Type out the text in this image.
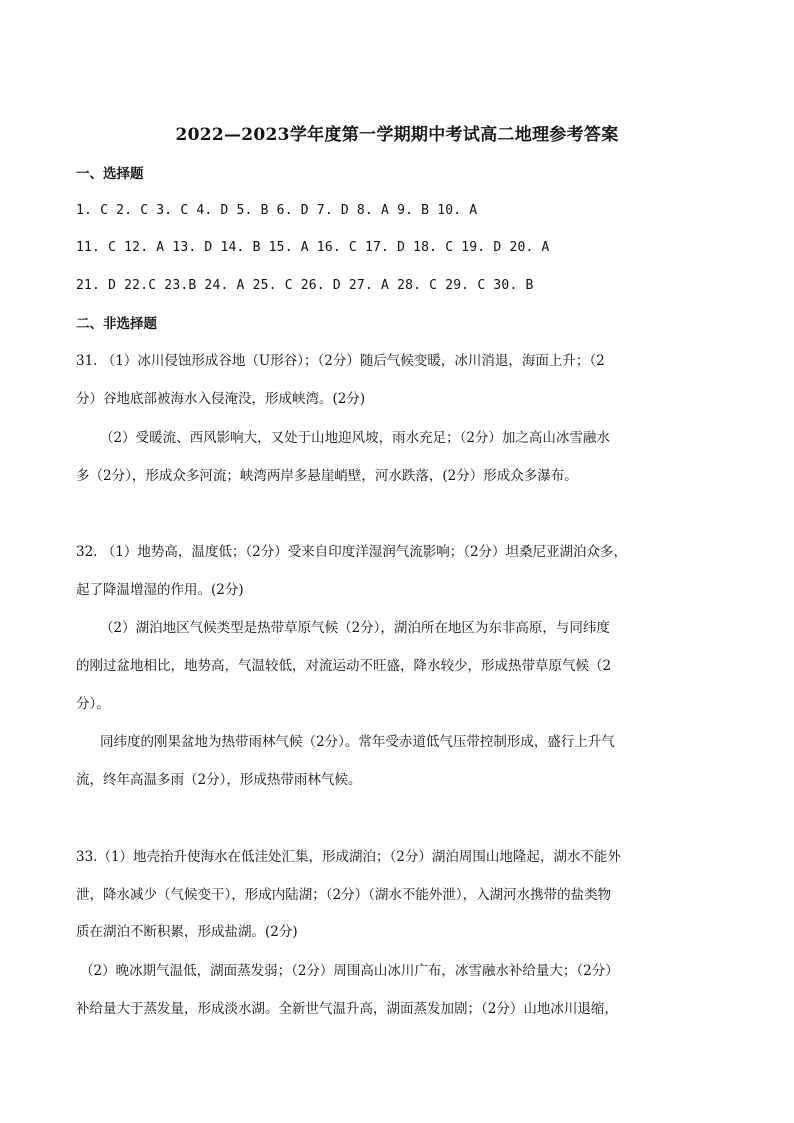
2022—2023学年度第一学期期中考试高二地理参考答案
一、选择题
1. C 2. C 3. C 4. D 5. B 6. D 7. D 8. A 9. B 10. A
11. C 12. A 13. D 14. B 15. A 16. C 17. D 18. C 19. D 20. A
21. D 22.C 23.B 24. A 25. C 26. D 27. A 28. C 29. C 30. B
二、非选择题
31. （1）冰川侵蚀形成谷地（U形谷）；（2分）随后气候变暖，冰川消退，海面上升；（2
分）谷地底部被海水入侵淹没，形成峡湾。(2分)
（2）受暖流、西风影响大，又处于山地迎风坡，雨水充足；（2分）加之高山冰雪融水
多（2分），形成众多河流；峡湾两岸多悬崖峭壁，河水跌落，(2分）形成众多瀑布。
32. （1）地势高，温度低；（2分）受来自印度洋湿润气流影响；（2分）坦桑尼亚湖泊众多，
起了降温增湿的作用。(2分)
（2）湖泊地区气候类型是热带草原气候（2分），湖泊所在地区为东非高原，与同纬度
的刚过盆地相比，地势高，气温较低，对流运动不旺盛，降水较少，形成热带草原气候（2
分）。
同纬度的刚果盆地为热带雨林气候（2分）。常年受赤道低气压带控制形成，盛行上升气
流，终年高温多雨（2分），形成热带雨林气候。
33.（1）地壳抬升使海水在低洼处汇集，形成湖泊；（2分）湖泊周围山地隆起，湖水不能外
泄，降水减少（气候变干），形成内陆湖；（2分）（湖水不能外泄），入湖河水携带的盐类物
质在湖泊不断积累，形成盐湖。(2分)
（2）晚冰期气温低，湖面蒸发弱；（2分）周围高山冰川广布，冰雪融水补给量大；（2分）
补给量大于蒸发量，形成淡水湖。全新世气温升高，湖面蒸发加剧；（2分）山地冰川退缩，
